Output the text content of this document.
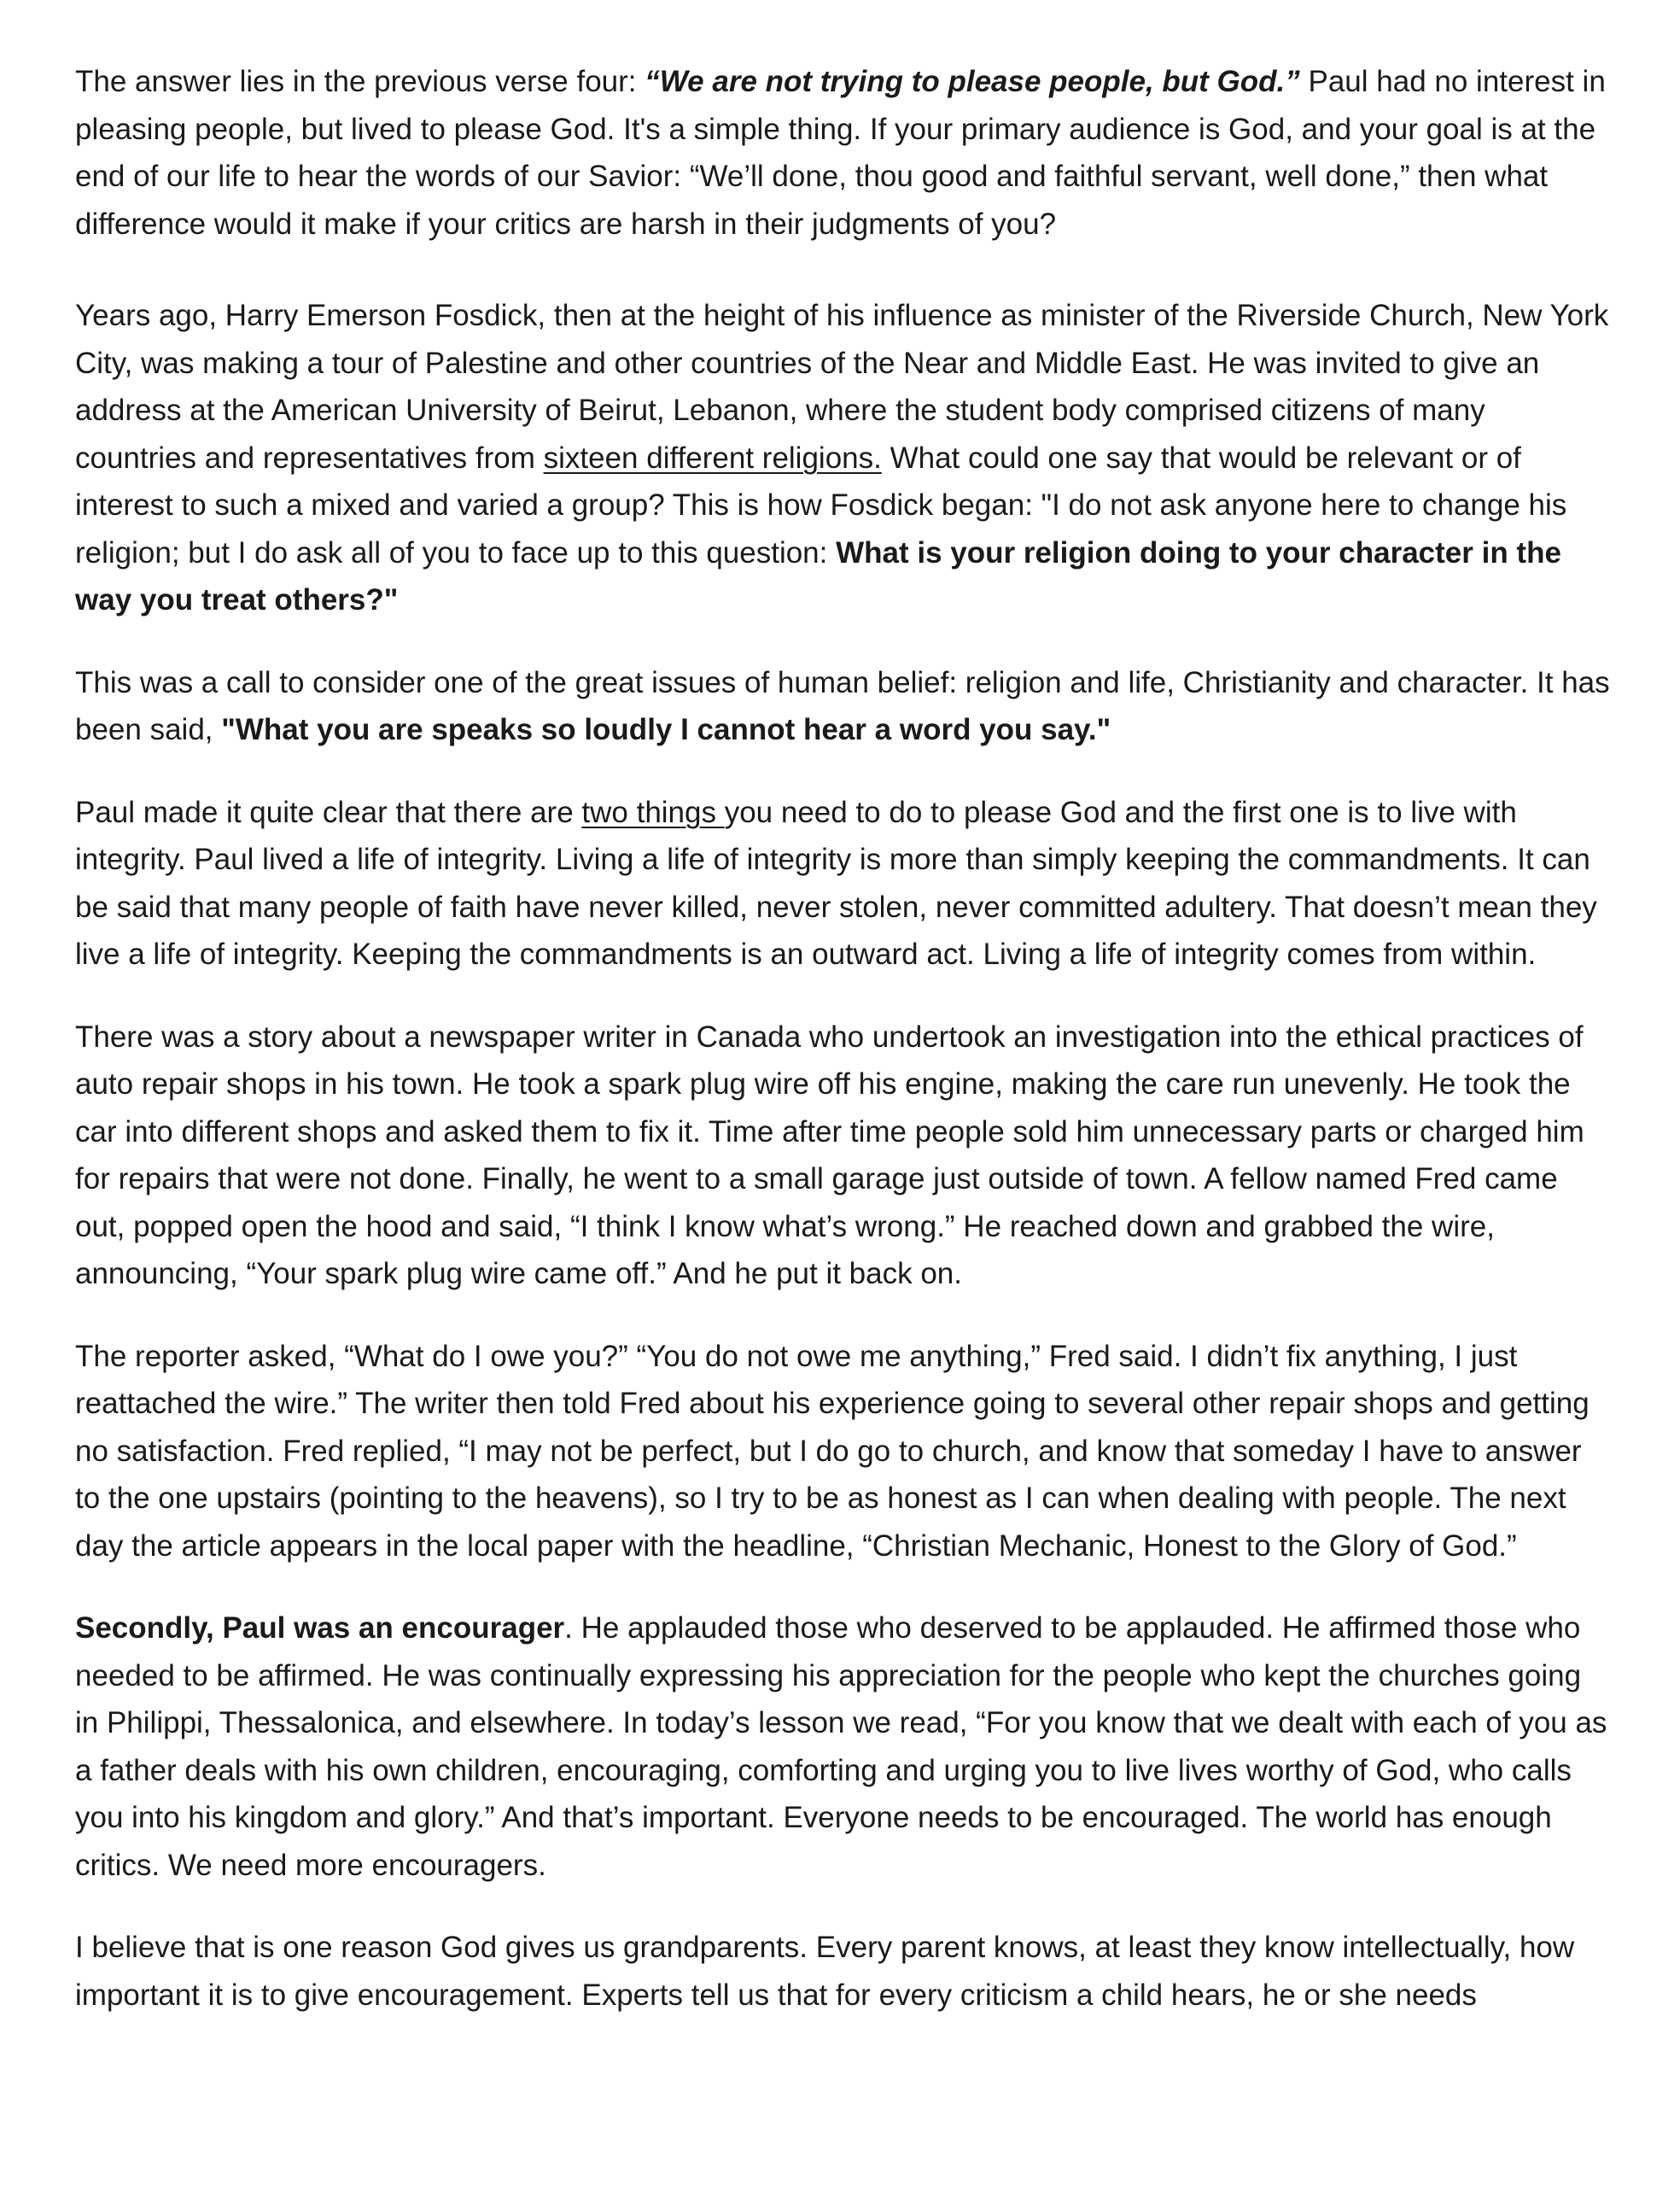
The answer lies in the previous verse four: “We are not trying to please people, but God.” Paul had no interest in pleasing people, but lived to please God. It's a simple thing. If your primary audience is God, and your goal is at the end of our life to hear the words of our Savior: “We’ll done, thou good and faithful servant, well done,” then what difference would it make if your critics are harsh in their judgments of you?

Years ago, Harry Emerson Fosdick, then at the height of his influence as minister of the Riverside Church, New York City, was making a tour of Palestine and other countries of the Near and Middle East. He was invited to give an address at the American University of Beirut, Lebanon, where the student body comprised citizens of many countries and representatives from sixteen different religions. What could one say that would be relevant or of interest to such a mixed and varied a group? This is how Fosdick began: "I do not ask anyone here to change his religion; but I do ask all of you to face up to this question: What is your religion doing to your character in the way you treat others?"

This was a call to consider one of the great issues of human belief: religion and life, Christianity and character. It has been said, "What you are speaks so loudly I cannot hear a word you say."

Paul made it quite clear that there are two things you need to do to please God and the first one is to live with integrity. Paul lived a life of integrity. Living a life of integrity is more than simply keeping the commandments. It can be said that many people of faith have never killed, never stolen, never committed adultery. That doesn’t mean they live a life of integrity. Keeping the commandments is an outward act. Living a life of integrity comes from within.

There was a story about a newspaper writer in Canada who undertook an investigation into the ethical practices of auto repair shops in his town. He took a spark plug wire off his engine, making the care run unevenly. He took the car into different shops and asked them to fix it. Time after time people sold him unnecessary parts or charged him for repairs that were not done. Finally, he went to a small garage just outside of town. A fellow named Fred came out, popped open the hood and said, “I think I know what’s wrong.” He reached down and grabbed the wire, announcing, “Your spark plug wire came off.” And he put it back on.

The reporter asked, “What do I owe you?” “You do not owe me anything,” Fred said. I didn’t fix anything, I just reattached the wire.” The writer then told Fred about his experience going to several other repair shops and getting no satisfaction. Fred replied, “I may not be perfect, but I do go to church, and know that someday I have to answer to the one upstairs (pointing to the heavens), so I try to be as honest as I can when dealing with people. The next day the article appears in the local paper with the headline, “Christian Mechanic, Honest to the Glory of God.”

Secondly, Paul was an encourager. He applauded those who deserved to be applauded. He affirmed those who needed to be affirmed. He was continually expressing his appreciation for the people who kept the churches going in Philippi, Thessalonica, and elsewhere. In today’s lesson we read, “For you know that we dealt with each of you as a father deals with his own children, encouraging, comforting and urging you to live lives worthy of God, who calls you into his kingdom and glory.” And that’s important. Everyone needs to be encouraged. The world has enough critics. We need more encouragers.

I believe that is one reason God gives us grandparents. Every parent knows, at least they know intellectually, how important it is to give encouragement. Experts tell us that for every criticism a child hears, he or she needs
